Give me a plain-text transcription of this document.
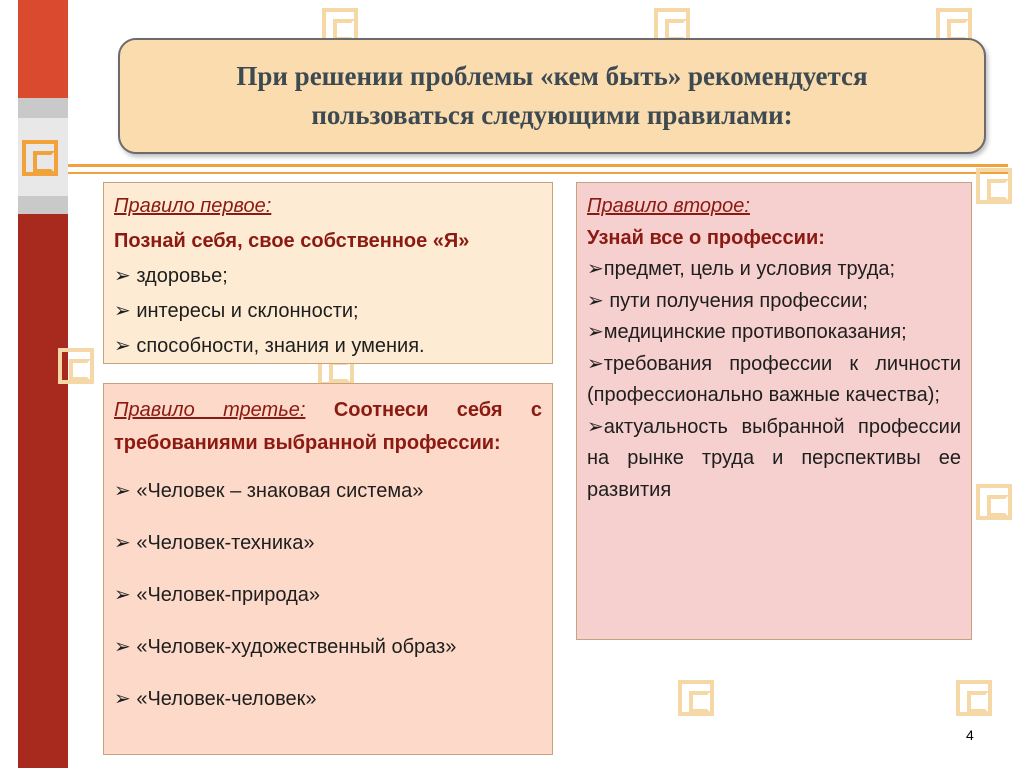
При решении проблемы «кем быть» рекомендуется пользоваться следующими правилами:
Правило первое:
Познай себя, свое собственное «Я»
➢ здоровье;
➢ интересы и склонности;
➢ способности, знания и умения.
Правило второе:
Узнай все о профессии:
➢предмет, цель и условия труда;
➢ пути получения профессии;
➢медицинские противопоказания;
➢требования профессии к личности (профессионально важные качества);
➢актуальность выбранной профессии на рынке труда и перспективы ее развития
Правило третье: Соотнеси себя с требованиями выбранной профессии:
➢ «Человек – знаковая система»
➢ «Человек-техника»
➢ «Человек-природа»
➢ «Человек-художественный образ»
➢ «Человек-человек»
4
